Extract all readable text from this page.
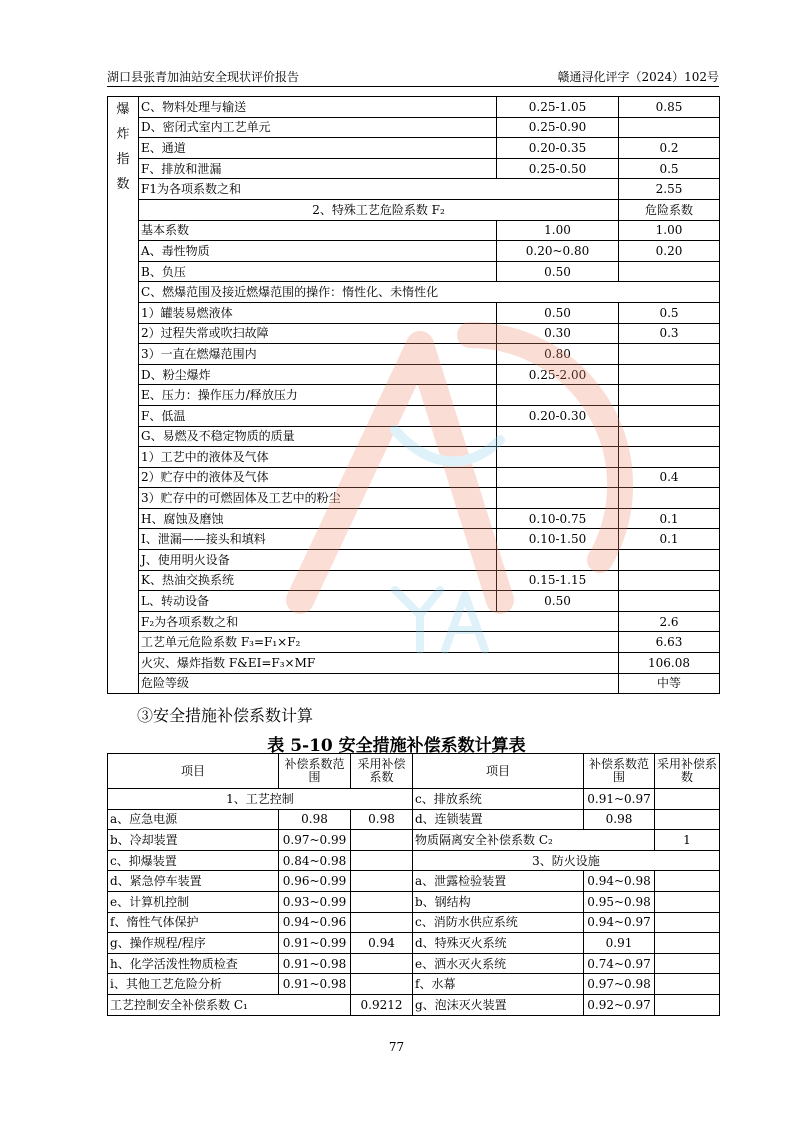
湖口县张青加油站安全现状评价报告	赣通浔化评字（2024）102号
爆
炸
指
数	C、物料处理与输送	0.25-1.05	0.85
	D、密闭式室内工艺单元	0.25-0.90	
	E、通道	0.20-0.35	0.2
	F、排放和泄漏	0.25-0.50	0.5
	F1为各项系数之和		2.55
	2、特殊工艺危险系数 F₂		危险系数
	基本系数	1.00	1.00
	A、毒性物质	0.20~0.80	0.20
	B、负压	0.50	
	C、燃爆范围及接近燃爆范围的操作：惰性化、未惰性化		
	1）罐装易燃液体	0.50	0.5
	2）过程失常或吹扫故障	0.30	0.3
	3）一直在燃爆范围内	0.80	
	D、粉尘爆炸	0.25-2.00	
	E、压力：操作压力/释放压力		
	F、低温	0.20-0.30	
	G、易燃及不稳定物质的质量		
	1）工艺中的液体及气体		
	2）贮存中的液体及气体		0.4
	3）贮存中的可燃固体及工艺中的粉尘		
	H、腐蚀及磨蚀	0.10-0.75	0.1
	I、泄漏——接头和填料	0.10-1.50	0.1
	J、使用明火设备		
	K、热油交换系统	0.15-1.15	
	L、转动设备	0.50	
	F₂为各项系数之和		2.6
	工艺单元危险系数 F₃=F₁×F₂		6.63
	火灾、爆炸指数 F&EI=F₃×MF		106.08
	危险等级		中等
③安全措施补偿系数计算
表 5-10 安全措施补偿系数计算表
项目	补偿系数范围	采用补偿系数	项目	补偿系数范围	采用补偿系数
1、工艺控制			c、排放系统	0.91~0.97	
a、应急电源	0.98	0.98	d、连锁装置	0.98	
b、冷却装置	0.97~0.99		物质隔离安全补偿系数 C₂		1
c、抑爆装置	0.84~0.98		3、防火设施		
d、紧急停车装置	0.96~0.99		a、泄露检验装置	0.94~0.98	
e、计算机控制	0.93~0.99		b、钢结构	0.95~0.98	
f、惰性气体保护	0.94~0.96		c、消防水供应系统	0.94~0.97	
g、操作规程/程序	0.91~0.99	0.94	d、特殊灭火系统	0.91	
h、化学活泼性物质检查	0.91~0.98		e、洒水灭火系统	0.74~0.97	
i、其他工艺危险分析	0.91~0.98		f、水幕	0.97~0.98	
工艺控制安全补偿系数 C₁		0.9212	g、泡沫灭火装置	0.92~0.97	
77
